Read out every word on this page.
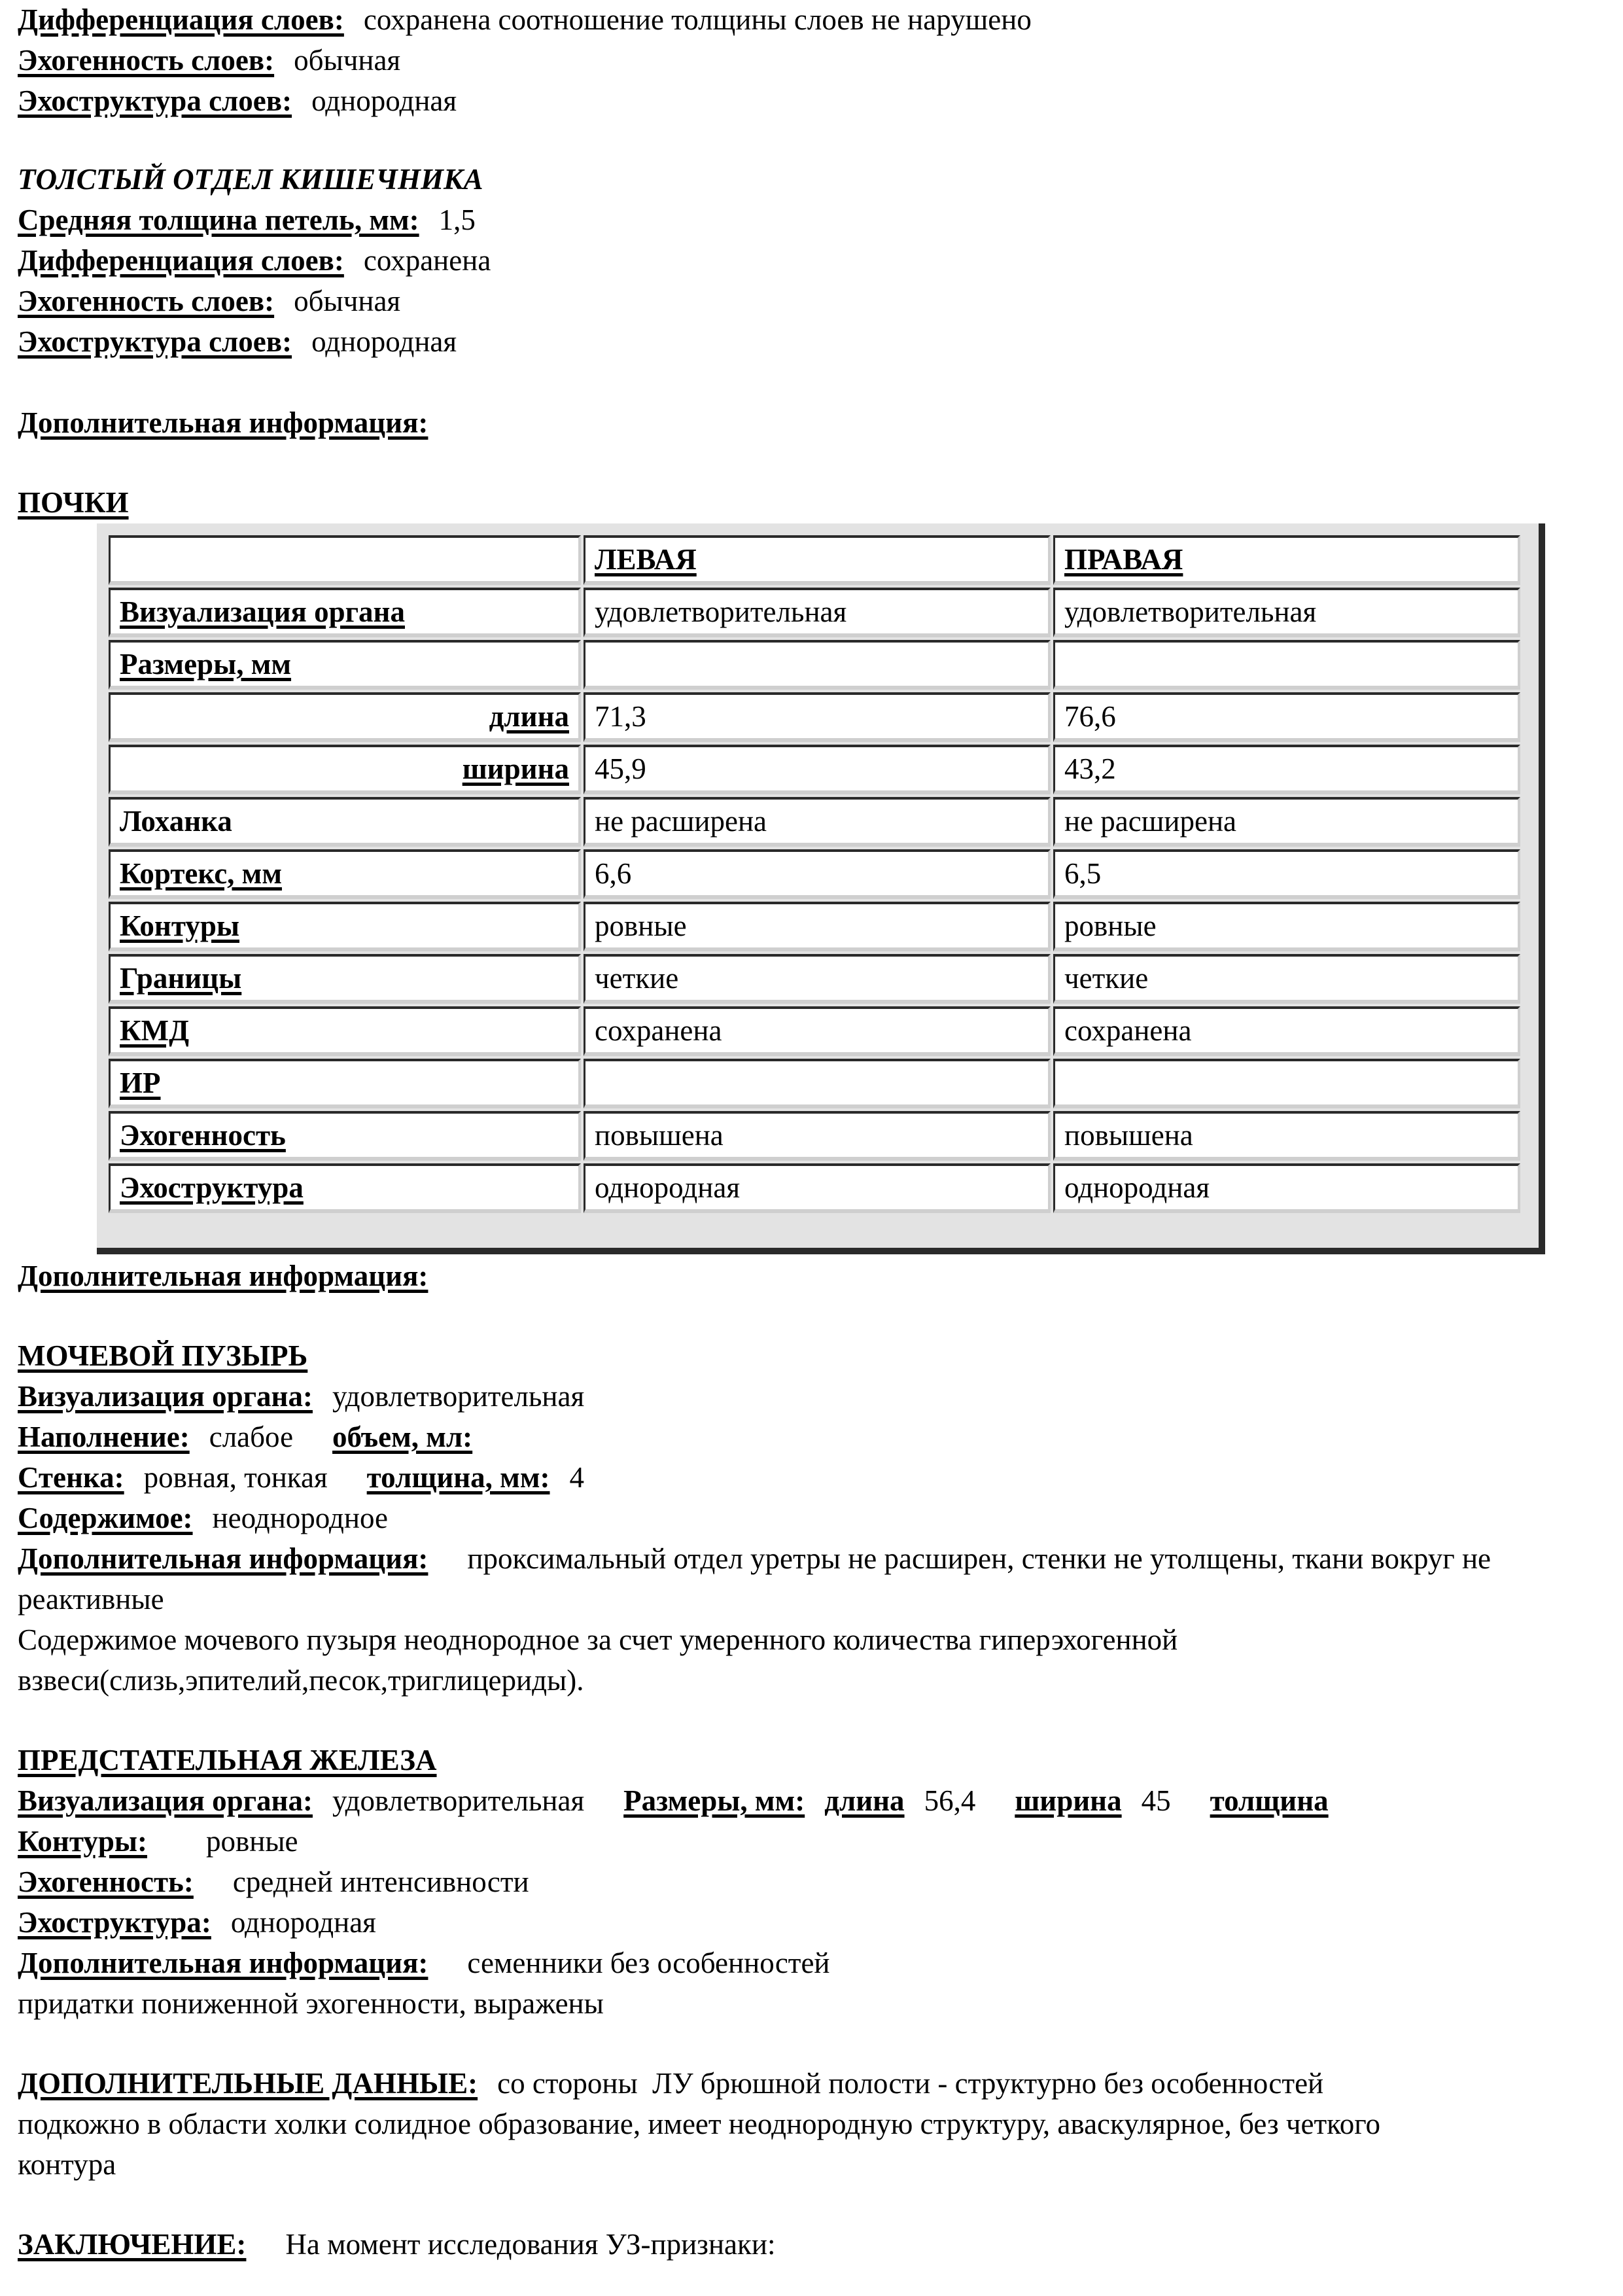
Дифференциация слоев: сохранена соотношение толщины слоев не нарушено
Эхогенность слоев: обычная
Эхоструктура слоев: однородная
ТОЛСТЫЙ ОТДЕЛ КИШЕЧНИКА
Средняя толщина петель, мм: 1,5
Дифференциация слоев: сохранена
Эхогенность слоев: обычная
Эхоструктура слоев: однородная
Дополнительная информация:
ПОЧКИ
	ЛЕВАЯ	ПРАВАЯ
Визуализация органа	удовлетворительная	удовлетворительная
Размеры, мм		
длина	71,3	76,6
ширина	45,9	43,2
Лоханка	не расширена	не расширена
Кортекс, мм	6,6	6,5
Контуры	ровные	ровные
Границы	четкие	четкие
КМД	сохранена	сохранена
ИР		
Эхогенность	повышена	повышена
Эхоструктура	однородная	однородная
Дополнительная информация:
МОЧЕВОЙ ПУЗЫРЬ
Визуализация органа: удовлетворительная
Наполнение: слабое объем, мл:
Стенка: ровная, тонкая толщина, мм: 4
Содержимое: неоднородное
Дополнительная информация: проксимальный отдел уретры не расширен, стенки не утолщены, ткани вокруг не
реактивные
Содержимое мочевого пузыря неоднородное за счет умеренного количества гиперэхогенной
взвеси(слизь,эпителий,песок,триглицериды).
ПРЕДСТАТЕЛЬНАЯ ЖЕЛЕЗА
Визуализация органа: удовлетворительная Размеры, мм: длина 56,4 ширина 45 толщина
Контуры: ровные
Эхогенность: средней интенсивности
Эхоструктура: однородная
Дополнительная информация: семенники без особенностей
придатки пониженной эхогенности, выражены
ДОПОЛНИТЕЛЬНЫЕ ДАННЫЕ: со стороны  ЛУ брюшной полости - структурно без особенностей
подкожно в области холки солидное образование, имеет неоднородную структуру, аваскулярное, без четкого
контура
ЗАКЛЮЧЕНИЕ: На момент исследования УЗ-признаки:
